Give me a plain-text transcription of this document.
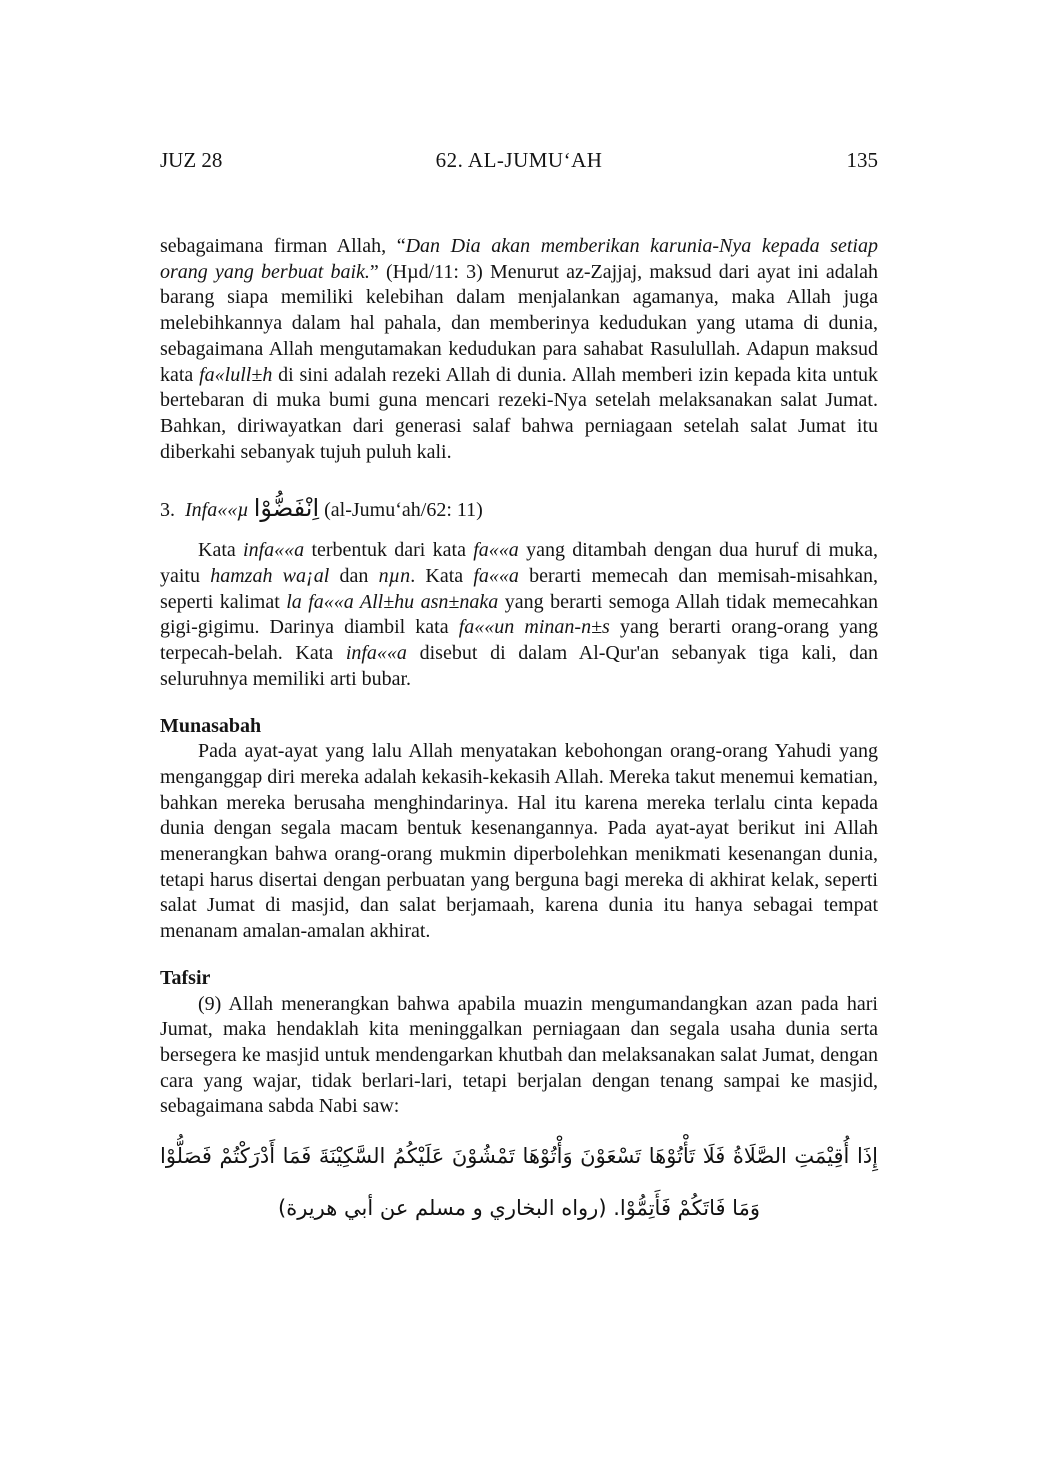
JUZ 28	62. AL-JUMU‘AH	135

sebagaimana firman Allah, “Dan Dia akan memberikan karunia-Nya kepada setiap orang yang berbuat baik.” (Hµd/11: 3) Menurut az-Zajjaj, maksud dari ayat ini adalah barang siapa memiliki kelebihan dalam menjalankan agamanya, maka Allah juga melebihkannya dalam hal pahala, dan memberinya kedudukan yang utama di dunia, sebagaimana Allah mengutamakan kedudukan para sahabat Rasulullah. Adapun maksud kata fa«lull±h di sini adalah rezeki Allah di dunia. Allah memberi izin kepada kita untuk bertebaran di muka bumi guna mencari rezeki-Nya setelah melaksanakan salat Jumat. Bahkan, diriwayatkan dari generasi salaf bahwa perniagaan setelah salat Jumat itu diberkahi sebanyak tujuh puluh kali.

3.  Infa««µ اِنْفَضُّوْا (al-Jumu‘ah/62: 11)

Kata infa««a terbentuk dari kata fa««a yang ditambah dengan dua huruf di muka, yaitu hamzah wa¡al dan nµn. Kata fa««a berarti memecah dan memisah-misahkan, seperti kalimat la fa««a All±hu asn±naka yang berarti semoga Allah tidak memecahkan gigi-gigimu. Darinya diambil kata fa««un minan-n±s yang berarti orang-orang yang terpecah-belah. Kata infa««a disebut di dalam Al-Qur'an sebanyak tiga kali, dan seluruhnya memiliki arti bubar.

Munasabah

Pada ayat-ayat yang lalu Allah menyatakan kebohongan orang-orang Yahudi yang menganggap diri mereka adalah kekasih-kekasih Allah. Mereka takut menemui kematian, bahkan mereka berusaha menghindarinya. Hal itu karena mereka terlalu cinta kepada dunia dengan segala macam bentuk kesenangannya. Pada ayat-ayat berikut ini Allah menerangkan bahwa orang-orang mukmin diperbolehkan menikmati kesenangan dunia, tetapi harus disertai dengan perbuatan yang berguna bagi mereka di akhirat kelak, seperti salat Jumat di masjid, dan salat berjamaah, karena dunia itu hanya sebagai tempat menanam amalan-amalan akhirat.

Tafsir

(9) Allah menerangkan bahwa apabila muazin mengumandangkan azan pada hari Jumat, maka hendaklah kita meninggalkan perniagaan dan segala usaha dunia serta bersegera ke masjid untuk mendengarkan khutbah dan melaksanakan salat Jumat, dengan cara yang wajar, tidak berlari-lari, tetapi berjalan dengan tenang sampai ke masjid, sebagaimana sabda Nabi saw:

إِذَا أُقِيْمَتِ الصَّلَاةُ فَلَا تَأْتُوْهَا تَسْعَوْنَ وَأْتُوْهَا تَمْشُوْنَ عَلَيْكُمُ السَّكِيْنَةَ فَمَا أَدْرَكْتُمْ فَصَلُّوْا
وَمَا فَاتَكُمْ فَأَتِمُّوْا. (رواه البخاري و مسلم عن أبي هريرة)
